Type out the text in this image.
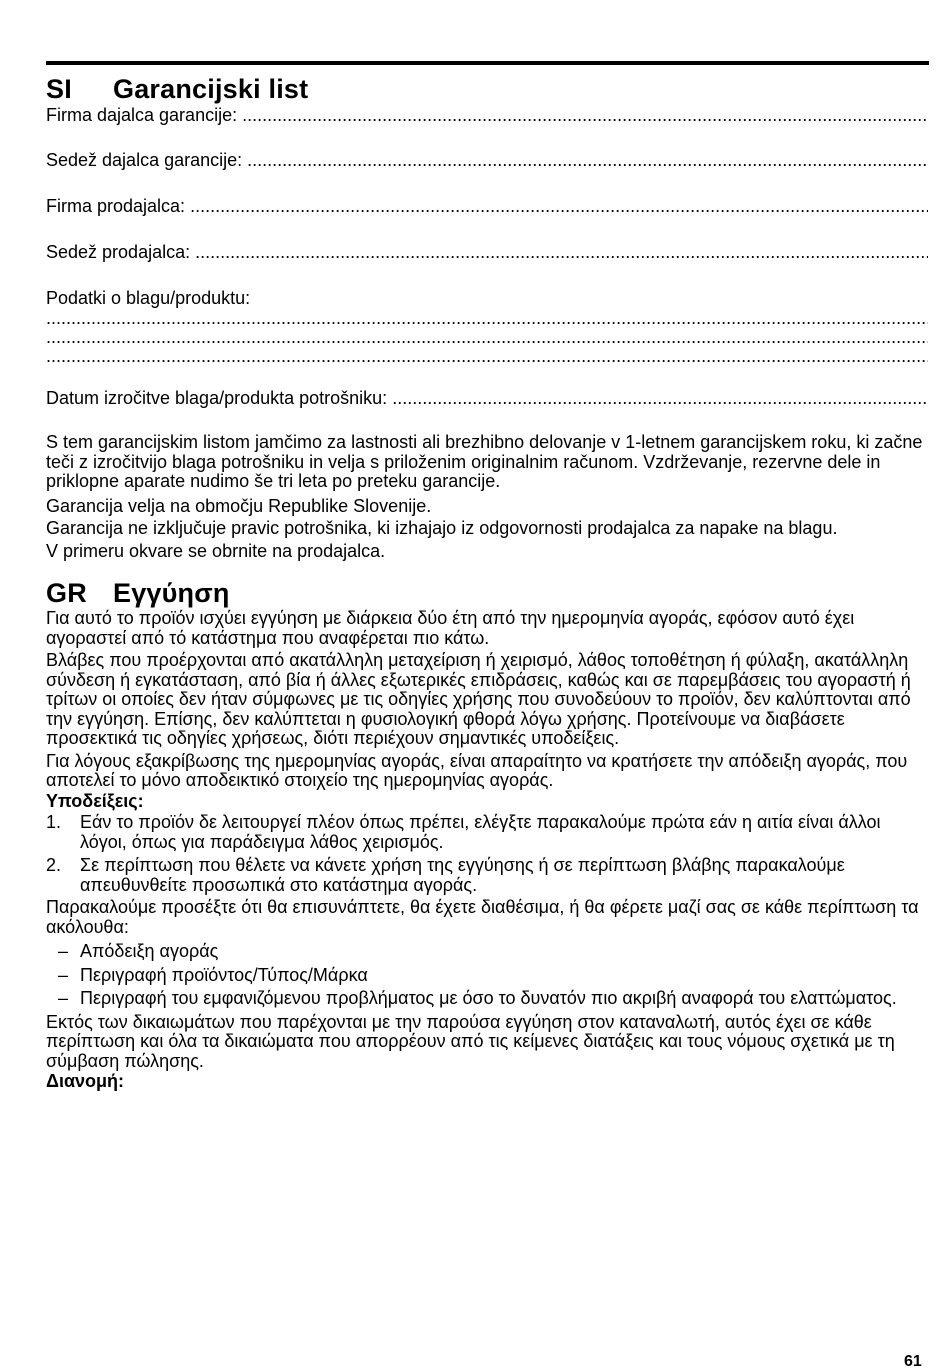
SI Garancijski list
Firma dajalca garancije:
.....
Sedež dajalca garancije:
.....
Firma prodajalca:
.....
Sedež prodajalca:
.....
Podatki o blagu/produktu:
.....
.....
.....
Datum izročitve blaga/produkta potrošniku:
.....
S tem garancijskim listom jamčimo za lastnosti ali brezhibno delovanje v 1-letnem garancijskem roku, ki začne teči z izročitvijo blaga potrošniku in velja s priloženim originalnim računom. Vzdrževanje, rezervne dele in priklopne aparate nudimo še tri leta po preteku garancije.
Garancija velja na območju Republike Slovenije.
Garancija ne izključuje pravic potrošnika, ki izhajajo iz odgovornosti prodajalca za napake na blagu.
V primeru okvare se obrnite na prodajalca.
GR Εγγύηση
Για αυτό το προϊόν ισχύει εγγύηση με διάρκεια δύο έτη από την ημερομηνία αγοράς, εφόσον αυτό έχει αγοραστεί από τό κατάστημα που αναφέρεται πιο κάτω.
Βλάβες που προέρχονται από ακατάλληλη μεταχείριση ή χειρισμό, λάθος τοποθέτηση ή φύλαξη, ακατάλληλη σύνδεση ή εγκατάσταση, από βία ή άλλες εξωτερικές επιδράσεις, καθώς και σε παρεμβάσεις του αγοραστή ή τρίτων οι οποίες δεν ήταν σύμφωνες με τις οδηγίες χρήσης που συνοδεύουν το προϊόν, δεν καλύπτονται από την εγγύηση. Επίσης, δεν καλύπτεται η φυσιολογική φθορά λόγω χρήσης. Προτείνουμε να διαβάσετε προσεκτικά τις οδηγίες χρήσεως, διότι περιέχουν σημαντικές υποδείξεις.
Για λόγους εξακρίβωσης της ημερομηνίας αγοράς, είναι απαραίτητο να κρατήσετε την απόδειξη αγοράς, που αποτελεί το μόνο αποδεικτικό στοιχείο της ημερομηνίας αγοράς.
Υποδείξεις:
1. Εάν το προϊόν δε λειτουργεί πλέον όπως πρέπει, ελέγξτε παρακαλούμε πρώτα εάν η αιτία είναι άλλοι λόγοι, όπως για παράδειγμα λάθος χειρισμός.
2. Σε περίπτωση που θέλετε να κάνετε χρήση της εγγύησης ή σε περίπτωση βλάβης παρακαλούμε απευθυνθείτε προσωπικά στο κατάστημα αγοράς.
Παρακαλούμε προσέξτε ότι θα επισυνάπτετε, θα έχετε διαθέσιμα, ή θα φέρετε μαζί σας σε κάθε περίπτωση τα ακόλουθα:
– Απόδειξη αγοράς
– Περιγραφή προϊόντος/Τύπος/Μάρκα
– Περιγραφή του εμφανιζόμενου προβλήματος με όσο το δυνατόν πιο ακριβή αναφορά του ελαττώματος.
Εκτός των δικαιωμάτων που παρέχονται με την παρούσα εγγύηση στον καταναλωτή, αυτός έχει σε κάθε περίπτωση και όλα τα δικαιώματα που απορρέουν από τις κείμενες διατάξεις και τους νόμους σχετικά με τη σύμβαση πώλησης.
Διανομή:
61
